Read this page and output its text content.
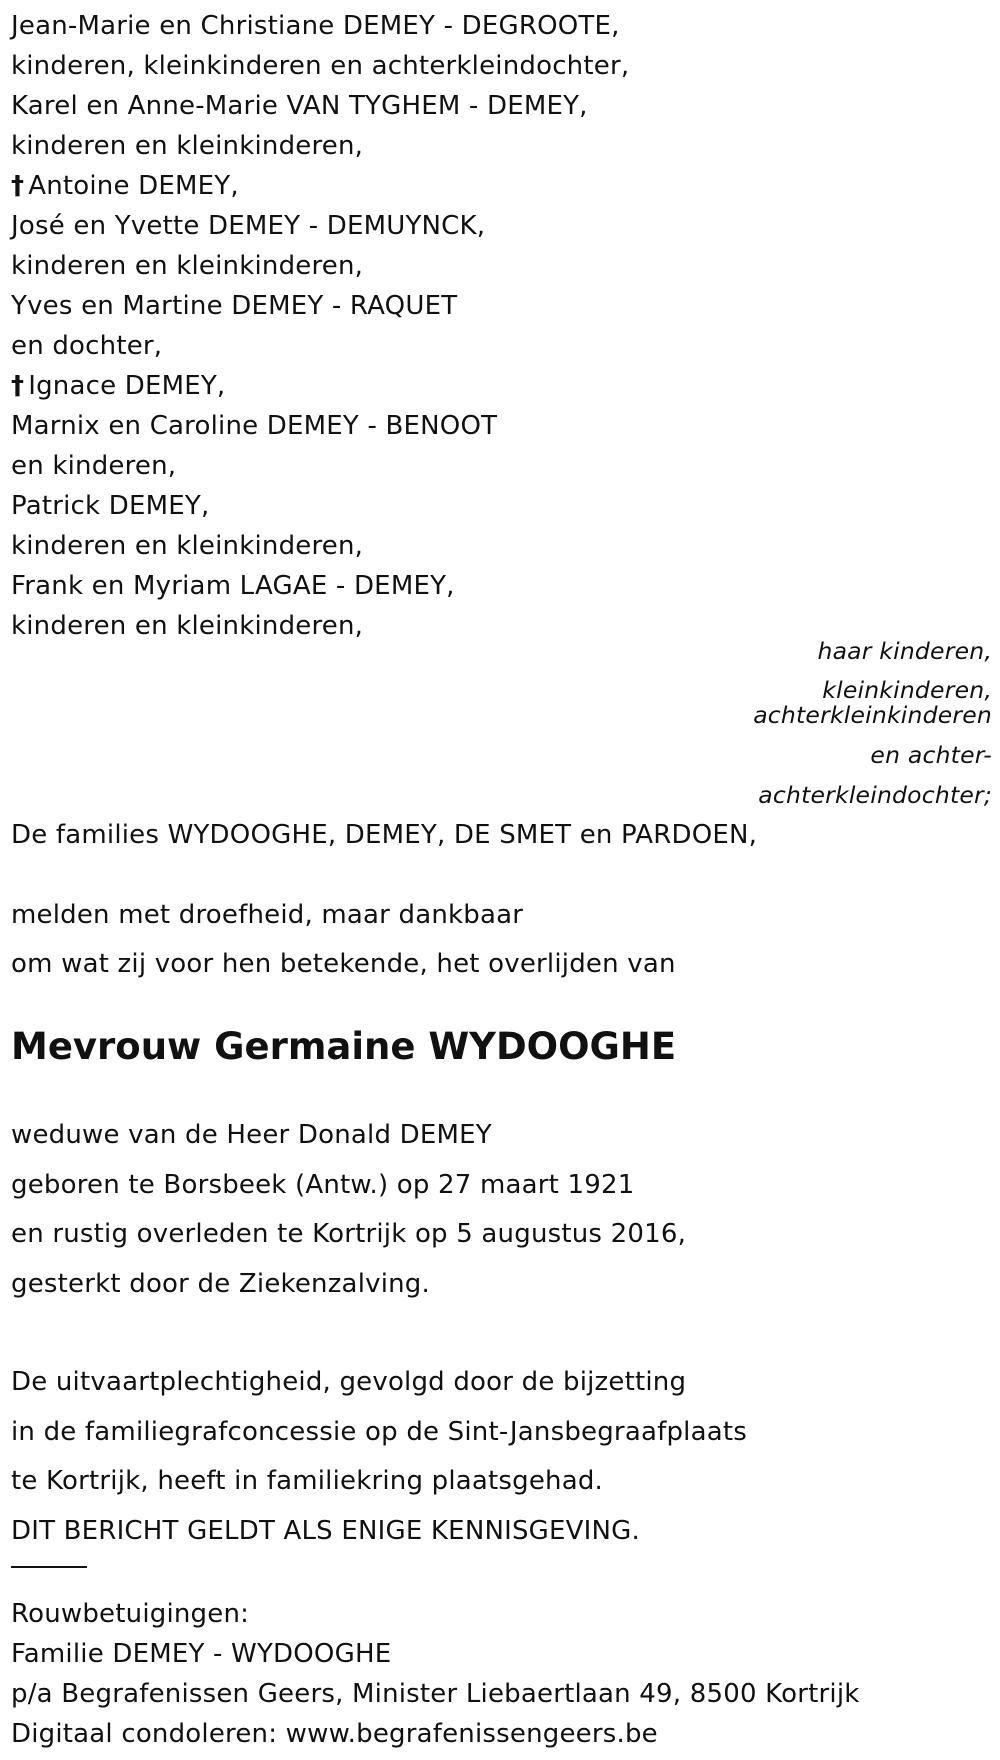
Jean-Marie en Christiane DEMEY - DEGROOTE,
kinderen, kleinkinderen en achterkleindochter,
Karel en Anne-Marie VAN TYGHEM - DEMEY,
kinderen en kleinkinderen,
† Antoine DEMEY,
José en Yvette DEMEY - DEMUYNCK,
kinderen en kleinkinderen,
Yves en Martine DEMEY - RAQUET
en dochter,
† Ignace DEMEY,
Marnix en Caroline DEMEY - BENOOT
en kinderen,
Patrick DEMEY,
kinderen en kleinkinderen,
Frank en Myriam LAGAE - DEMEY,
kinderen en kleinkinderen,
haar kinderen,
kleinkinderen,
achterkleinkinderen
en achter-
achterkleindochter;
De families WYDOOGHE, DEMEY, DE SMET en PARDOEN,
melden met droefheid, maar dankbaar
om wat zij voor hen betekende, het overlijden van
Mevrouw Germaine WYDOOGHE
weduwe van de Heer Donald DEMEY
geboren te Borsbeek (Antw.) op 27 maart 1921
en rustig overleden te Kortrijk op 5 augustus 2016,
gesterkt door de Ziekenzalving.
De uitvaartplechtigheid, gevolgd door de bijzetting
in de familiegrafconcessie op de Sint-Jansbegraafplaats
te Kortrijk, heeft in familiekring plaatsgehad.
DIT BERICHT GELDT ALS ENIGE KENNISGEVING.
Rouwbetuigingen:
Familie DEMEY - WYDOOGHE
p/a Begrafenissen Geers, Minister Liebaertlaan 49, 8500 Kortrijk
Digitaal condoleren: www.begrafenissengeers.be
